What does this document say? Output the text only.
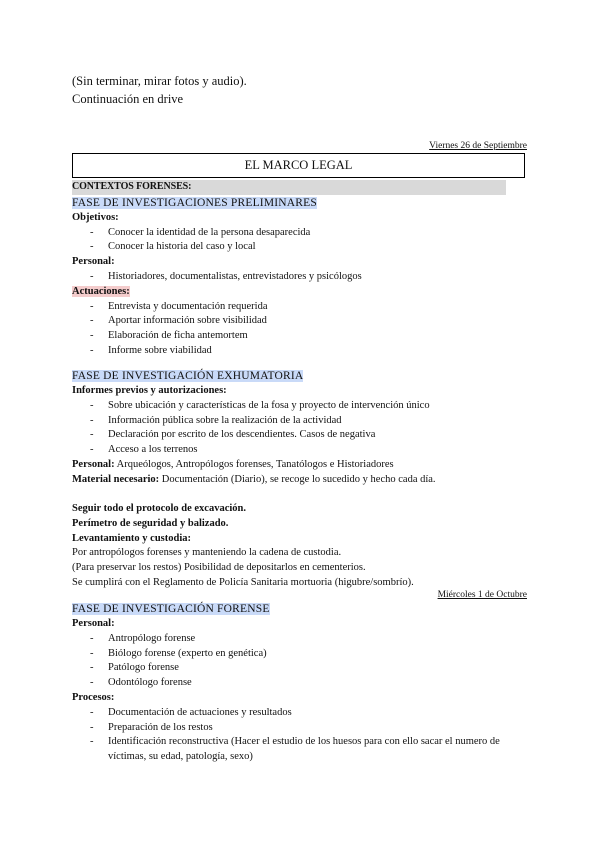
(Sin terminar, mirar fotos y audio).
Continuación en drive
Viernes 26 de Septiembre
EL MARCO LEGAL
CONTEXTOS FORENSES:
FASE DE INVESTIGACIONES PRELIMINARES
Objetivos:
- Conocer la identidad de la persona desaparecida
- Conocer la historia del caso y local
Personal:
- Historiadores, documentalistas, entrevistadores y psicólogos
Actuaciones:
- Entrevista y documentación requerida
- Aportar información sobre visibilidad
- Elaboración de ficha antemortem
- Informe sobre viabilidad
FASE DE INVESTIGACIÓN EXHUMATORIA
Informes previos y autorizaciones:
- Sobre ubicación y características de la fosa y proyecto de intervención único
- Información pública sobre la realización de la actividad
- Declaración por escrito de los descendientes. Casos de negativa
- Acceso a los terrenos
Personal: Arqueólogos, Antropólogos forenses, Tanatólogos e Historiadores
Material necesario: Documentación (Diario), se recoge lo sucedido y hecho cada día.
Seguir todo el protocolo de excavación.
Perímetro de seguridad y balizado.
Levantamiento y custodia:
Por antropólogos forenses y manteniendo la cadena de custodia.
(Para preservar los restos) Posibilidad de depositarlos en cementerios.
Se cumplirá con el Reglamento de Policía Sanitaria mortuoria (higubre/sombrío).
Miércoles 1 de Octubre
FASE DE INVESTIGACIÓN FORENSE
Personal:
- Antropólogo forense
- Biólogo forense (experto en genética)
- Patólogo forense
- Odontólogo forense
Procesos:
- Documentación de actuaciones y resultados
- Preparación de los restos
- Identificación reconstructiva (Hacer el estudio de los huesos para con ello sacar el numero de víctimas, su edad, patología, sexo)
